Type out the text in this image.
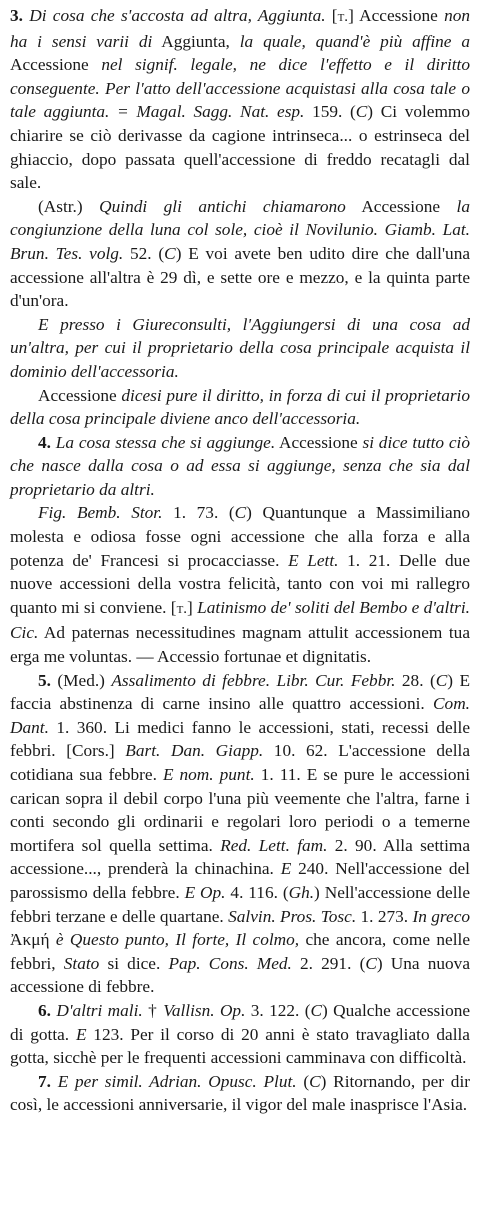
3. Di cosa che s'accosta ad altra, Aggiunta. [t.] Accessione non ha i sensi varii di Aggiunta, la quale, quand'è più affine a Accessione nel signif. legale, ne dice l'effetto e il diritto conseguente. Per l'atto dell'accessione acquistasi alla cosa tale o tale aggiunta. = Magal. Sagg. Nat. esp. 159. (C) Ci volemmo chiarire se ciò derivasse da cagione intrinseca... o estrinseca del ghiaccio, dopo passata quell'accessione di freddo recatagli dal sale.

(Astr.) Quindi gli antichi chiamarono Accessione la congiunzione della luna col sole, cioè il Novilunio. Giamb. Lat. Brun. Tes. volg. 52. (C) E voi avete ben udito dire che dall'una accessione all'altra è 29 dì, e sette ore e mezzo, e la quinta parte d'un'ora.

E presso i Giureconsulti, l'Aggiungersi di una cosa ad un'altra, per cui il proprietario della cosa principale acquista il dominio dell'accessoria.

Accessione dicesi pure il diritto, in forza di cui il proprietario della cosa principale diviene anco dell'accessoria.

4. La cosa stessa che si aggiunge. Accessione si dice tutto ciò che nasce dalla cosa o ad essa si aggiunge, senza che sia dal proprietario da altri.

Fig. Bemb. Stor. 1. 73. (C) Quantunque a Massimiliano molesta e odiosa fosse ogni accessione che alla forza e alla potenza de' Francesi si procacciasse. E Lett. 1. 21. Delle due nuove accessioni della vostra felicità, tanto con voi mi rallegro quanto mi si conviene. [t.] Latinismo de' soliti del Bembo e d'altri. Cic. Ad paternas necessitudines magnam attulit accessionem tua erga me voluntas. — Accessio fortunae et dignitatis.

5. (Med.) Assalimento di febbre. Libr. Cur. Febbr. 28. (C) E faccia abstinenza di carne insino alle quattro accessioni. Com. Dant. 1. 360. Li medici fanno le accessioni, stati, recessi delle febbri. [Cors.] Bart. Dan. Giapp. 10. 62. L'accessione della cotidiana sua febbre. E nom. punt. 1. 11. E se pure le accessioni carican sopra il debil corpo l'una più veemente che l'altra, farne i conti secondo gli ordinarii e regolari loro periodi o a temerne mortifera sol quella settima. Red. Lett. fam. 2. 90. Alla settima accessione..., prenderà la chinachina. E 240. Nell'accessione del parossismo della febbre. E Op. 4. 116. (Gh.) Nell'accessione delle febbri terzane e delle quartane. Salvin. Pros. Tosc. 1. 273. In greco Ἀκμή è Questo punto, Il forte, Il colmo, che ancora, come nelle febbri, Stato si dice. Pap. Cons. Med. 2. 291. (C) Una nuova accessione di febbre.

6. D'altri mali. † Vallisn. Op. 3. 122. (C) Qualche accessione di gotta. E 123. Per il corso di 20 anni è stato travagliato dalla gotta, sicchè per le frequenti accessioni camminava con difficoltà.

7. E per simil. Adrian. Opusc. Plut. (C) Ritornando, per dir così, le accessioni anniversarie, il vigor del male inasprisce l'Asia.
